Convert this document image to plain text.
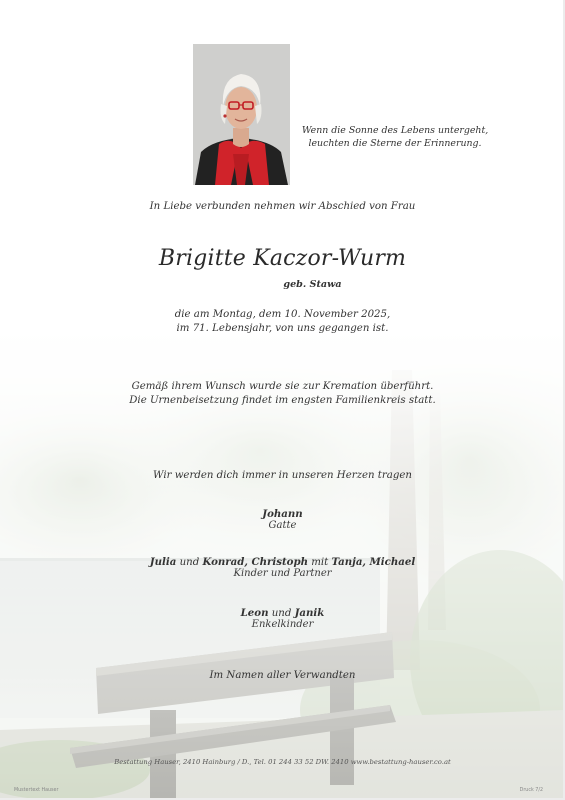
Wenn die Sonne des Lebens untergeht,
leuchten die Sterne der Erinnerung.
In Liebe verbunden nehmen wir Abschied von Frau
Brigitte Kaczor-Wurm
geb. Stawa
die am Montag, dem 10. November 2025,
im 71. Lebensjahr, von uns gegangen ist.
Gemäß ihrem Wunsch wurde sie zur Kremation überführt.
Die Urnenbeisetzung findet im engsten Familienkreis statt.
Wir werden dich immer in unseren Herzen tragen
Johann
Gatte
Julia und Konrad, Christoph mit Tanja, Michael
Kinder und Partner
Leon und Janik
Enkelkinder
Im Namen aller Verwandten
Bestattung Hauser, 2410 Hainburg / D., Tel. 01 244 33 52 DW. 2410 www.bestattung-hauser.co.at
Mustertext Hauser	Druck 7/2
